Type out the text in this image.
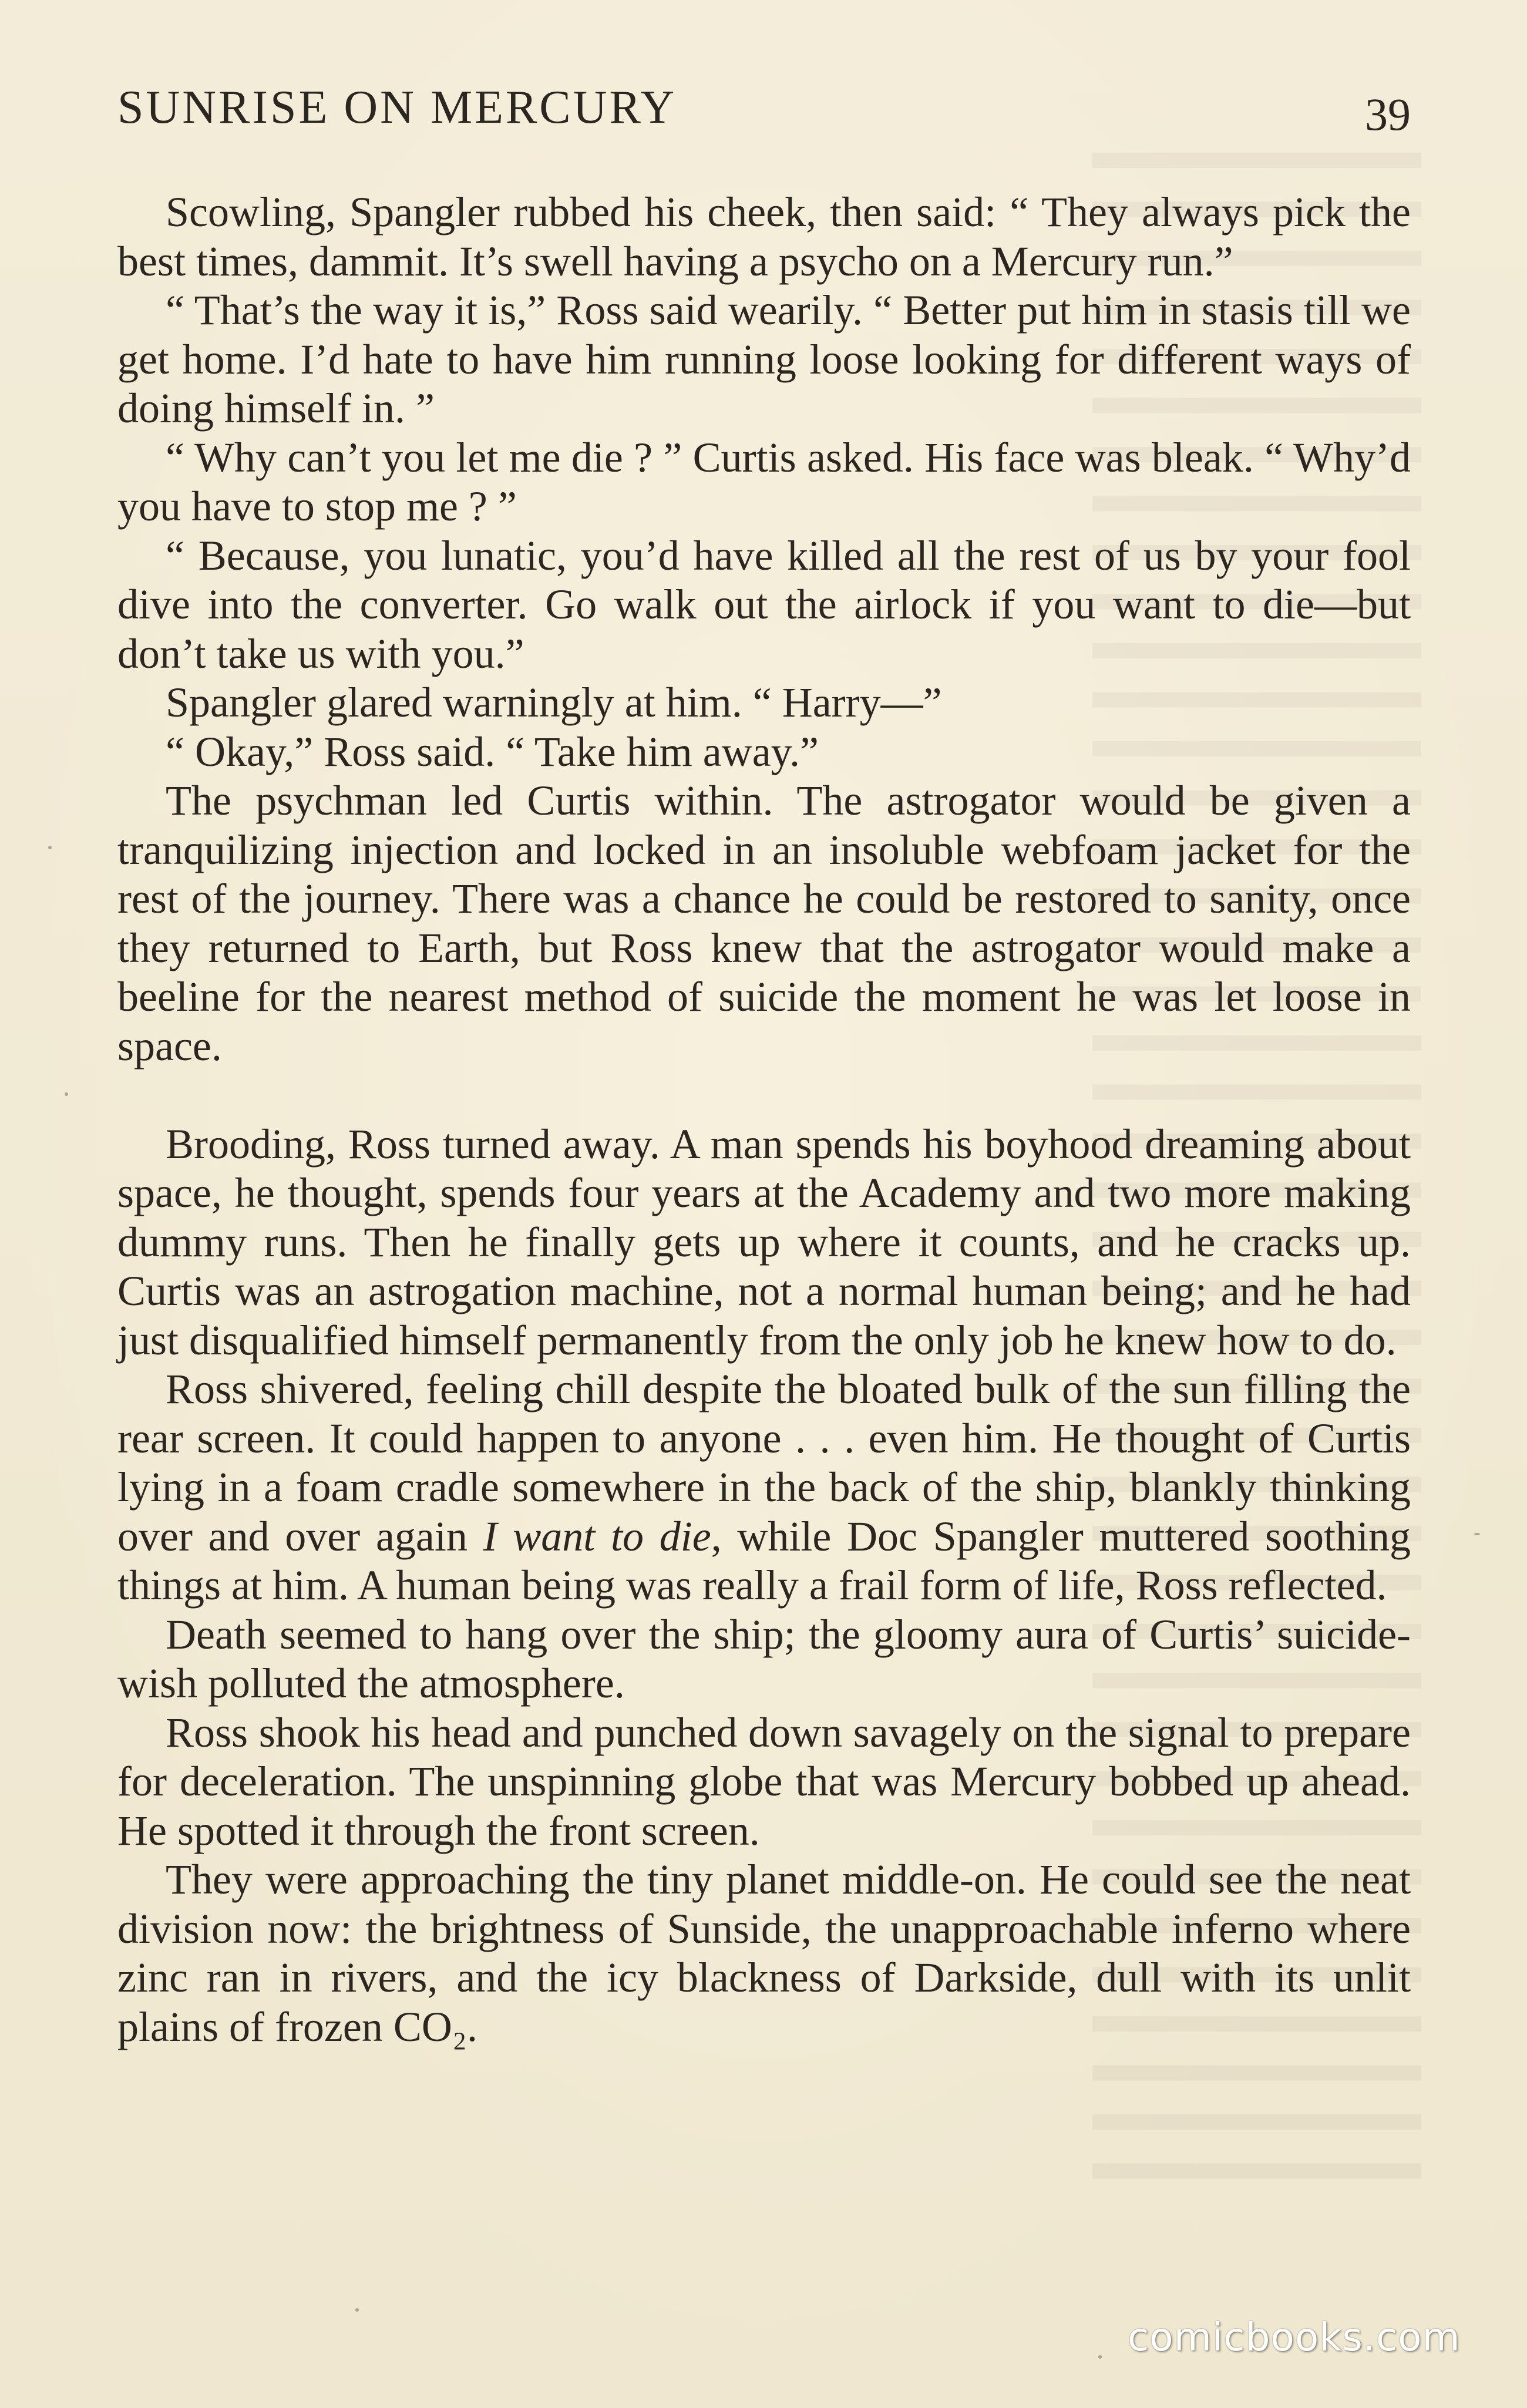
SUNRISE ON MERCURY	39

Scowling, Spangler rubbed his cheek, then said: “ They always pick the best times, dammit. It’s swell having a psycho on a Mercury run.”

“ That’s the way it is,” Ross said wearily. “ Better put him in stasis till we get home. I’d hate to have him running loose looking for different ways of doing himself in. ”

“ Why can’t you let me die ? ” Curtis asked. His face was bleak. “ Why’d you have to stop me ? ”

“ Because, you lunatic, you’d have killed all the rest of us by your fool dive into the converter. Go walk out the airlock if you want to die—but don’t take us with you.”

Spangler glared warningly at him. “ Harry—”

“ Okay,” Ross said. “ Take him away.”

The psychman led Curtis within. The astrogator would be given a tranquilizing injection and locked in an insoluble webfoam jacket for the rest of the journey. There was a chance he could be restored to sanity, once they returned to Earth, but Ross knew that the astrogator would make a beeline for the nearest method of suicide the moment he was let loose in space.

Brooding, Ross turned away. A man spends his boyhood dreaming about space, he thought, spends four years at the Academy and two more making dummy runs. Then he finally gets up where it counts, and he cracks up. Curtis was an astrogation machine, not a normal human being; and he had just disqualified himself permanently from the only job he knew how to do.

Ross shivered, feeling chill despite the bloated bulk of the sun filling the rear screen. It could happen to anyone . . . even him. He thought of Curtis lying in a foam cradle somewhere in the back of the ship, blankly thinking over and over again I want to die, while Doc Spangler muttered soothing things at him. A human being was really a frail form of life, Ross reflected.

Death seemed to hang over the ship; the gloomy aura of Curtis’ suicide-wish polluted the atmosphere.

Ross shook his head and punched down savagely on the signal to prepare for deceleration. The unspinning globe that was Mercury bobbed up ahead. He spotted it through the front screen.

They were approaching the tiny planet middle-on. He could see the neat division now: the brightness of Sunside, the unapproachable inferno where zinc ran in rivers, and the icy blackness of Darkside, dull with its unlit plains of frozen CO₂.

comicbooks.com
